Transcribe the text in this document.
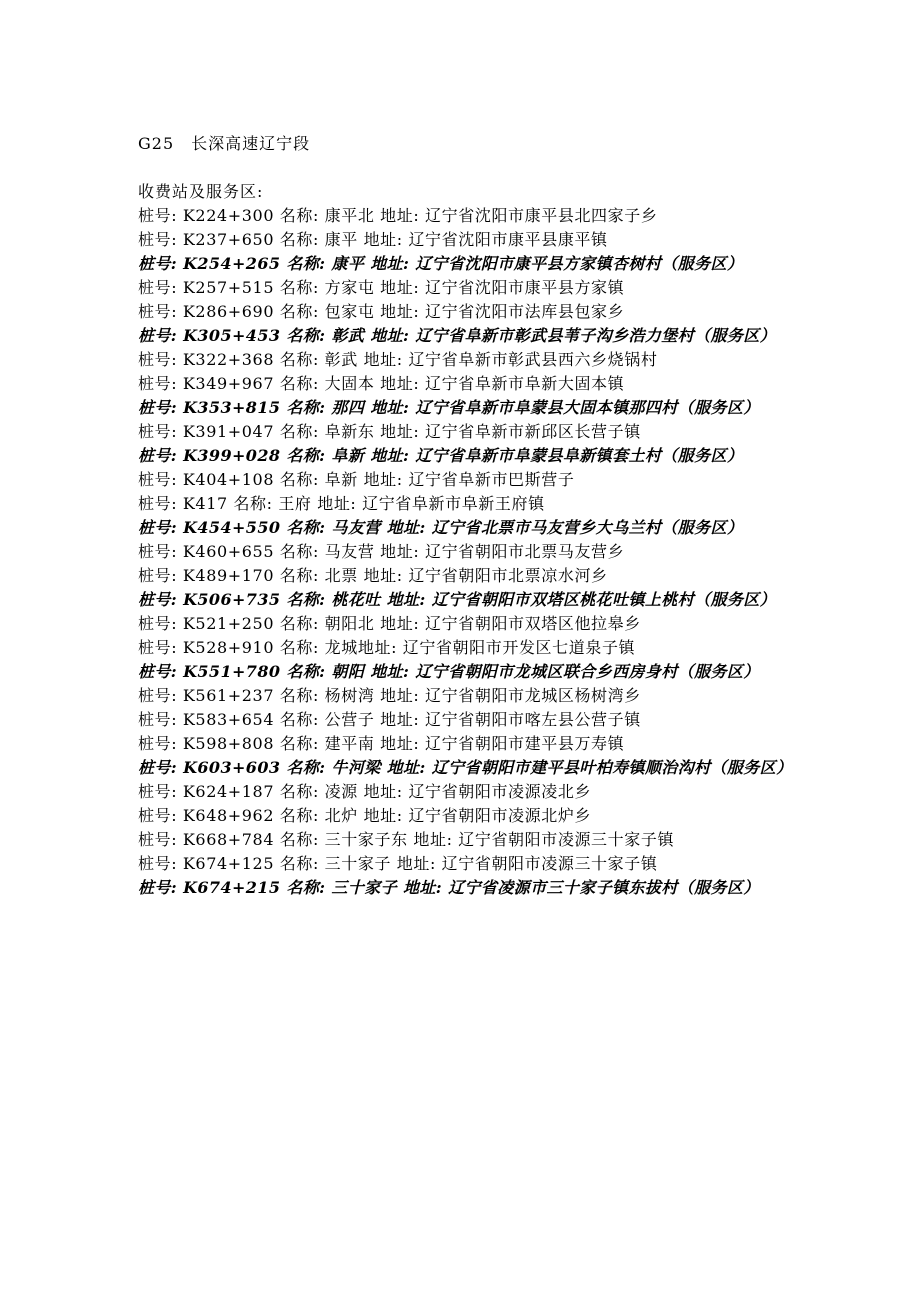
G25　长深高速辽宁段

收费站及服务区:

桩号: K224+300 名称: 康平北 地址: 辽宁省沈阳市康平县北四家子乡

桩号: K237+650 名称: 康平 地址: 辽宁省沈阳市康平县康平镇

桩号: K254+265 名称: 康平 地址: 辽宁省沈阳市康平县方家镇杏树村（服务区）

桩号: K257+515 名称: 方家屯 地址: 辽宁省沈阳市康平县方家镇

桩号: K286+690 名称: 包家屯 地址: 辽宁省沈阳市法库县包家乡

桩号: K305+453 名称: 彰武 地址: 辽宁省阜新市彰武县苇子沟乡浩力堡村（服务区）

桩号: K322+368 名称: 彰武 地址: 辽宁省阜新市彰武县西六乡烧锅村

桩号: K349+967 名称: 大固本 地址: 辽宁省阜新市阜新大固本镇

桩号: K353+815 名称: 那四 地址: 辽宁省阜新市阜蒙县大固本镇那四村（服务区）

桩号: K391+047 名称: 阜新东 地址: 辽宁省阜新市新邱区长营子镇

桩号: K399+028 名称: 阜新 地址: 辽宁省阜新市阜蒙县阜新镇套土村（服务区）

桩号: K404+108 名称: 阜新 地址: 辽宁省阜新市巴斯营子

桩号: K417 名称: 王府 地址: 辽宁省阜新市阜新王府镇

桩号: K454+550 名称: 马友营 地址: 辽宁省北票市马友营乡大乌兰村（服务区）

桩号: K460+655 名称: 马友营 地址: 辽宁省朝阳市北票马友营乡

桩号: K489+170 名称: 北票 地址: 辽宁省朝阳市北票凉水河乡

桩号: K506+735 名称: 桃花吐 地址: 辽宁省朝阳市双塔区桃花吐镇上桃村（服务区）

桩号: K521+250 名称: 朝阳北 地址: 辽宁省朝阳市双塔区他拉皋乡

桩号: K528+910 名称: 龙城地址: 辽宁省朝阳市开发区七道泉子镇

桩号: K551+780 名称: 朝阳 地址: 辽宁省朝阳市龙城区联合乡西房身村（服务区）

桩号: K561+237 名称: 杨树湾 地址: 辽宁省朝阳市龙城区杨树湾乡

桩号: K583+654 名称: 公营子 地址: 辽宁省朝阳市喀左县公营子镇

桩号: K598+808 名称: 建平南 地址: 辽宁省朝阳市建平县万寿镇

桩号: K603+603 名称: 牛河梁 地址: 辽宁省朝阳市建平县叶柏寿镇顺治沟村（服务区）

桩号: K624+187 名称: 凌源 地址: 辽宁省朝阳市凌源凌北乡

桩号: K648+962 名称: 北炉 地址: 辽宁省朝阳市凌源北炉乡

桩号: K668+784 名称: 三十家子东 地址: 辽宁省朝阳市凌源三十家子镇

桩号: K674+125 名称: 三十家子 地址: 辽宁省朝阳市凌源三十家子镇

桩号: K674+215 名称: 三十家子 地址: 辽宁省凌源市三十家子镇东拔村（服务区）
